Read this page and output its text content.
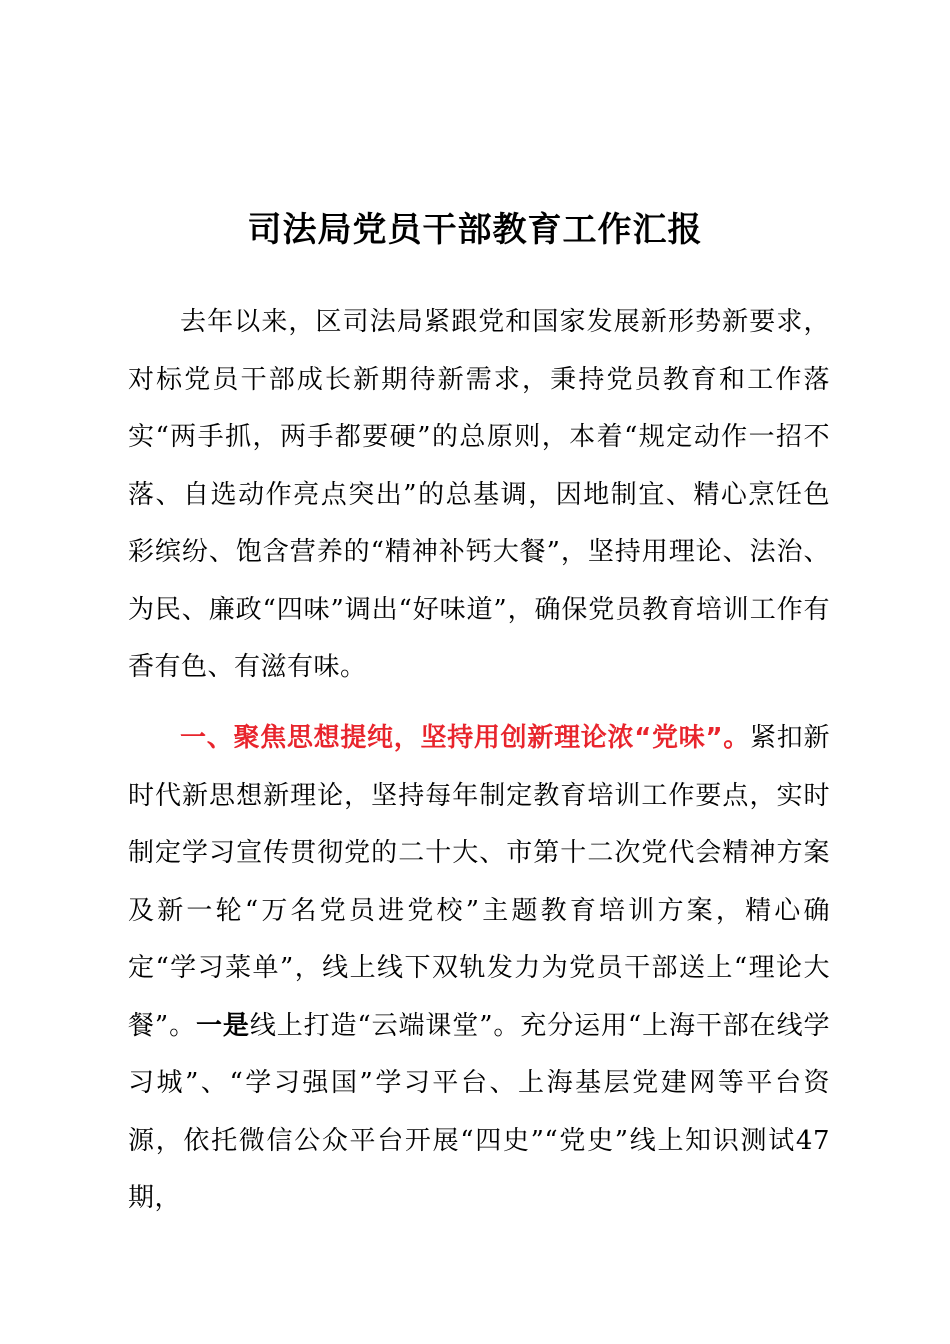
司法局党员干部教育工作汇报

去年以来，区司法局紧跟党和国家发展新形势新要求，对标党员干部成长新期待新需求，秉持党员教育和工作落实“两手抓，两手都要硬”的总原则，本着“规定动作一招不落、自选动作亮点突出”的总基调，因地制宜、精心烹饪色彩缤纷、饱含营养的“精神补钙大餐”，坚持用理论、法治、为民、廉政“四味”调出“好味道”，确保党员教育培训工作有香有色、有滋有味。

一、聚焦思想提纯，坚持用创新理论浓“党味”。紧扣新时代新思想新理论，坚持每年制定教育培训工作要点，实时制定学习宣传贯彻党的二十大、市第十二次党代会精神方案及新一轮“万名党员进党校”主题教育培训方案，精心确定“学习菜单”，线上线下双轨发力为党员干部送上“理论大餐”。一是线上打造“云端课堂”。充分运用“上海干部在线学习城”、“学习强国”学习平台、上海基层党建网等平台资源，依托微信公众平台开展“四史”“党史”线上知识测试47期，
